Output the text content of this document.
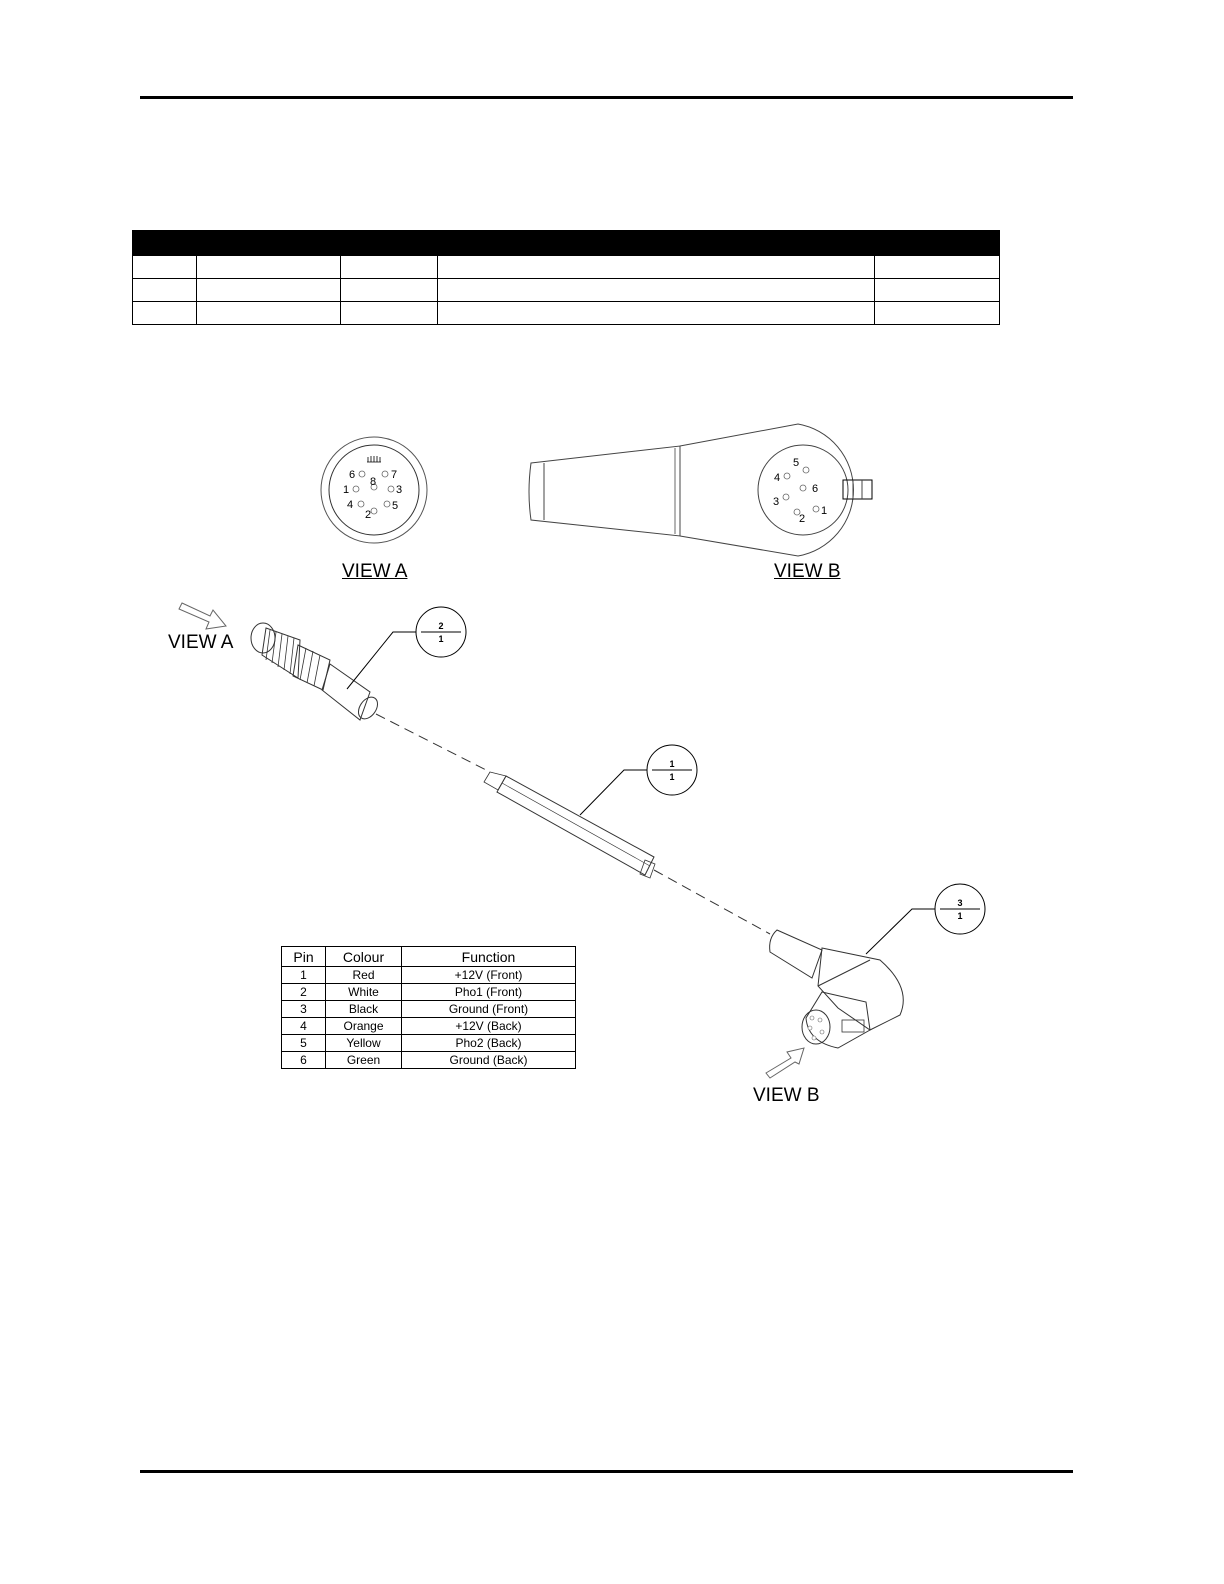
6	7
8
1	3
4	5
2
5
4
6
3
1
2
2
1
1
1
3
1
VIEW A	VIEW B
VIEW A
VIEW B
Pin	Colour	Function
1	Red	+12V (Front)
2	White	Pho1 (Front)
3	Black	Ground (Front)
4	Orange	+12V (Back)
5	Yellow	Pho2 (Back)
6	Green	Ground (Back)
